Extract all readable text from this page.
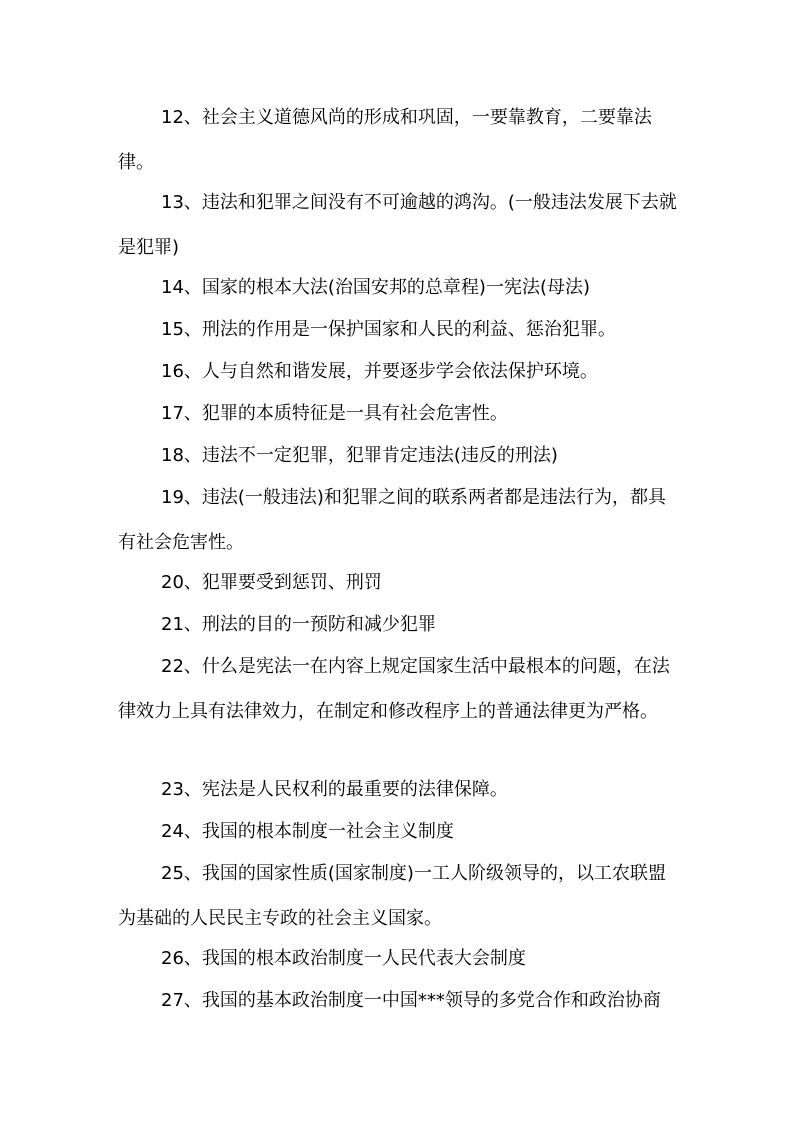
12、社会主义道德风尚的形成和巩固，一要靠教育，二要靠法律。

13、违法和犯罪之间没有不可逾越的鸿沟。(一般违法发展下去就是犯罪)

14、国家的根本大法(治国安邦的总章程)一宪法(母法)

15、刑法的作用是一保护国家和人民的利益、惩治犯罪。

16、人与自然和谐发展，并要逐步学会依法保护环境。

17、犯罪的本质特征是一具有社会危害性。

18、违法不一定犯罪，犯罪肯定违法(违反的刑法)

19、违法(一般违法)和犯罪之间的联系两者都是违法行为，都具有社会危害性。

20、犯罪要受到惩罚、刑罚

21、刑法的目的一预防和减少犯罪

22、什么是宪法一在内容上规定国家生活中最根本的问题，在法律效力上具有法律效力，在制定和修改程序上的普通法律更为严格。

23、宪法是人民权利的最重要的法律保障。

24、我国的根本制度一社会主义制度

25、我国的国家性质(国家制度)一工人阶级领导的，以工农联盟为基础的人民民主专政的社会主义国家。

26、我国的根本政治制度一人民代表大会制度

27、我国的基本政治制度一中国***领导的多党合作和政治协商
